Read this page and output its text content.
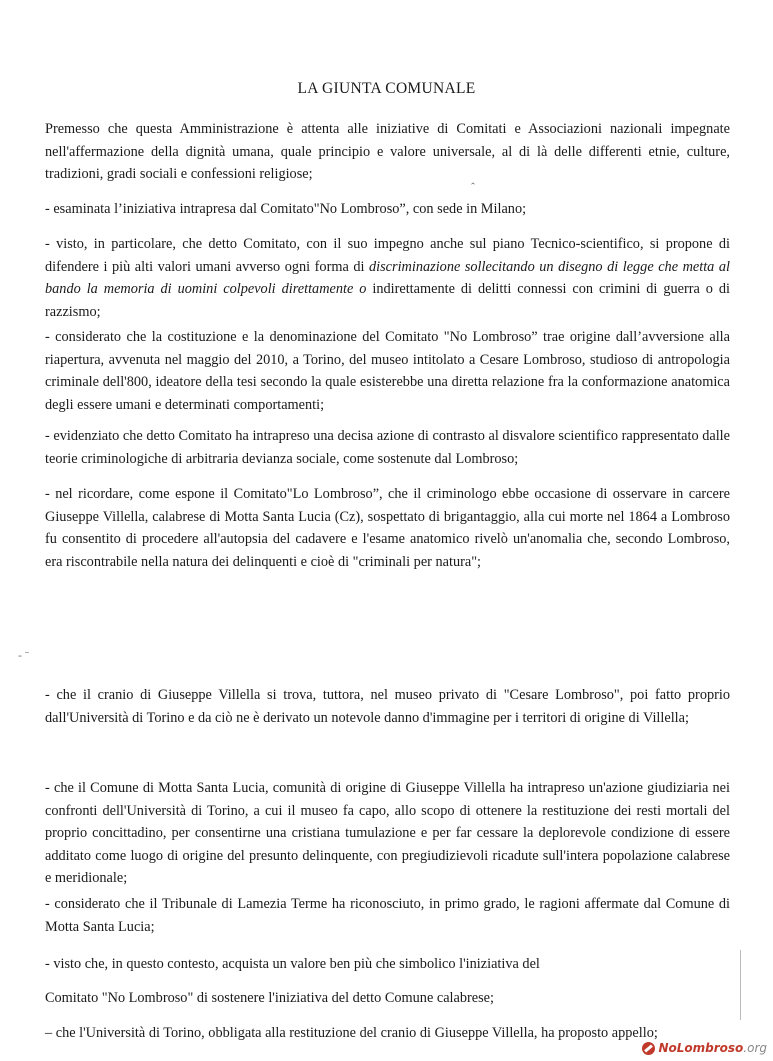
LA GIUNTA COMUNALE
Premesso che questa Amministrazione è attenta alle iniziative di Comitati e Associazioni nazionali impegnate nell'affermazione della dignità umana, quale principio e valore universale, al di là delle differenti etnie, culture, tradizioni, gradi sociali e confessioni religiose;
ˆ
- esaminata l’iniziativa intrapresa dal Comitato"No Lombroso”, con sede in Milano;
- visto, in particolare, che detto Comitato, con il suo impegno anche sul piano Tecnico-scientifico, si propone di difendere i più alti valori umani avverso ogni forma di discriminazione sollecitando un disegno di legge che metta al bando la memoria di uomini colpevoli direttamente o indirettamente di delitti connessi con crimini di guerra o di razzismo;
- considerato che la costituzione e la denominazione del Comitato "No Lombroso” trae origine dall’avversione alla riapertura, avvenuta nel maggio del 2010, a Torino, del museo intitolato a Cesare Lombroso, studioso di antropologia criminale dell'800, ideatore della tesi secondo la quale esisterebbe una diretta relazione fra la conformazione anatomica degli essere umani e determinati comportamenti;
- evidenziato che detto Comitato ha intrapreso una decisa azione di contrasto al disvalore scientifico rappresentato dalle teorie criminologiche di arbitraria devianza sociale, come sostenute dal Lombroso;
- nel ricordare, come espone il Comitato"Lo Lombroso”, che il criminologo ebbe occasione di osservare in carcere Giuseppe Villella, calabrese di Motta Santa Lucia (Cz), sospettato di brigantaggio, alla cui morte nel 1864 a Lombroso fu consentito di procedere all'autopsia del cadavere e l'esame anatomico rivelò un'anomalia che, secondo Lombroso, era riscontrabile nella natura dei delinquenti e cioè di "criminali per natura";
‐ ˉ
- che il cranio di Giuseppe Villella si trova, tuttora, nel museo privato di "Cesare Lombroso", poi fatto proprio dall'Università di Torino e da ciò ne è derivato un notevole danno d'immagine per i territori di origine di Villella;
- che il Comune di Motta Santa Lucia, comunità di origine di Giuseppe Villella ha intrapreso un'azione giudiziaria nei confronti dell'Università di Torino, a cui il museo fa capo, allo scopo di ottenere la restituzione dei resti mortali del proprio concittadino, per consentirne una cristiana tumulazione e per far cessare la deplorevole condizione di essere additato come luogo di origine del presunto delinquente, con pregiudizievoli ricadute sull'intera popolazione calabrese e meridionale;
- considerato che il Tribunale di Lamezia Terme ha riconosciuto, in primo grado, le ragioni affermate dal Comune di Motta Santa Lucia;
- visto che, in questo contesto, acquista un valore ben più che simbolico l'iniziativa del
Comitato "No Lombroso" di sostenere l'iniziativa del detto Comune calabrese;
– che l'Università di Torino, obbligata alla restituzione del cranio di Giuseppe Villella, ha proposto appello;
NoLombroso.org
